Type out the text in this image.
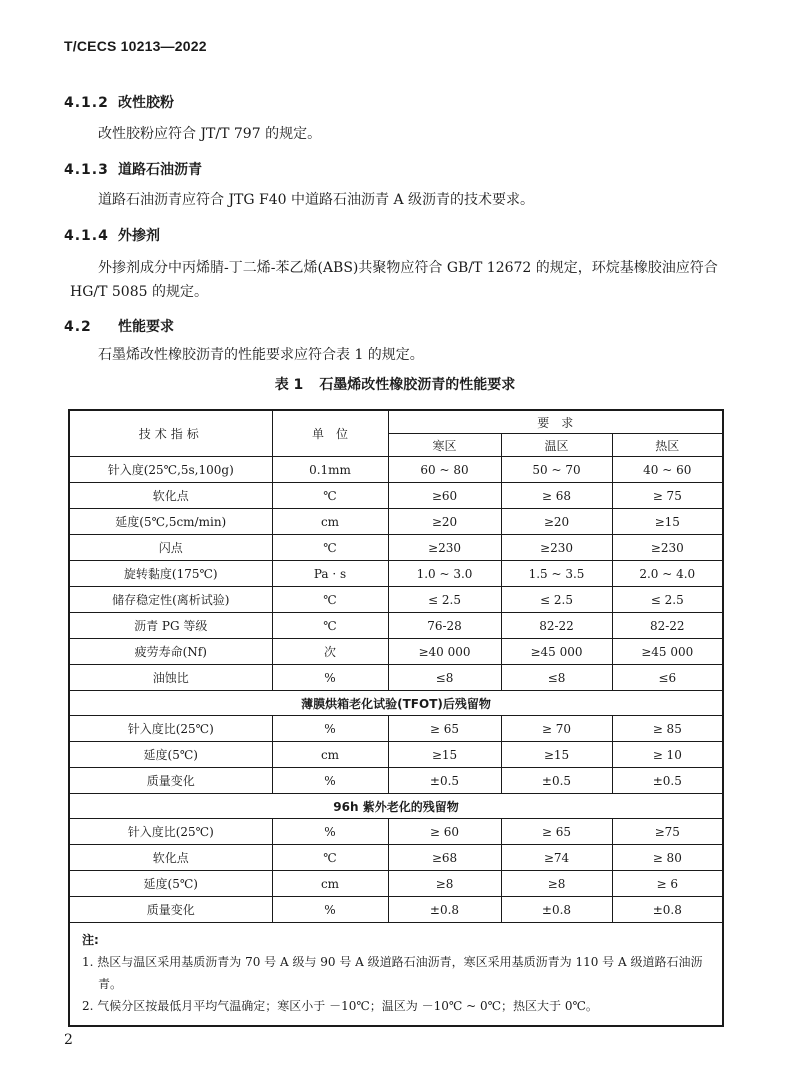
T/CECS 10213—2022
4.1.2 改性胶粉
改性胶粉应符合 JT/T 797 的规定。
4.1.3 道路石油沥青
道路石油沥青应符合 JTG F40 中道路石油沥青 A 级沥青的技术要求。
4.1.4 外掺剂
外掺剂成分中丙烯腈-丁二烯-苯乙烯(ABS)共聚物应符合 GB/T 12672 的规定，环烷基橡胶油应符合 HG/T 5085 的规定。
4.2 性能要求
石墨烯改性橡胶沥青的性能要求应符合表 1 的规定。
表 1 石墨烯改性橡胶沥青的性能要求
技术指标	单　位	要　求		
		寒区	温区	热区
针入度(25℃,5s,100g)	0.1mm	60 ~ 80	50 ~ 70	40 ~ 60
软化点	℃	≥60	≥ 68	≥ 75
延度(5℃,5cm/min)	cm	≥20	≥20	≥15
闪点	℃	≥230	≥230	≥230
旋转黏度(175℃)	Pa · s	1.0 ~ 3.0	1.5 ~ 3.5	2.0 ~ 4.0
储存稳定性(离析试验)	℃	≤ 2.5	≤ 2.5	≤ 2.5
沥青 PG 等级	℃	76-28	82-22	82-22
疲劳寿命(Nf)	次	≥40 000	≥45 000	≥45 000
油蚀比	%	≤8	≤8	≤6
薄膜烘箱老化试验(TFOT)后残留物				
针入度比(25℃)	%	≥ 65	≥ 70	≥ 85
延度(5℃)	cm	≥15	≥15	≥ 10
质量变化	%	±0.5	±0.5	±0.5
96h 紫外老化的残留物				
针入度比(25℃)	%	≥ 60	≥ 65	≥75
软化点	℃	≥68	≥74	≥ 80
延度(5℃)	cm	≥8	≥8	≥ 6
质量变化	%	±0.8	±0.8	±0.8

注:
1. 热区与温区采用基质沥青为 70 号 A 级与 90 号 A 级道路石油沥青，寒区采用基质沥青为 110 号 A 级道路石油沥青。
2. 气候分区按最低月平均气温确定；寒区小于 －10℃；温区为 －10℃ ~ 0℃；热区大于 0℃。				
2
